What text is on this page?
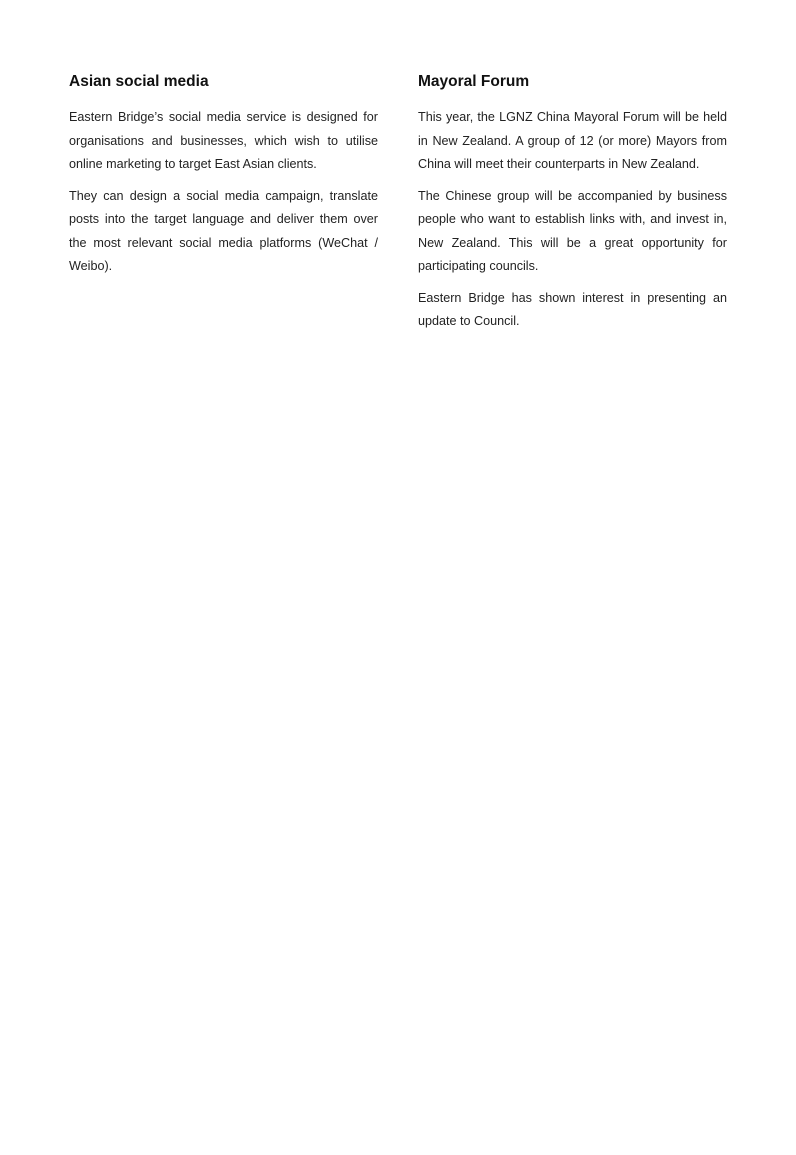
Asian social media

Eastern Bridge’s social media service is designed for organisations and businesses, which wish to utilise online marketing to target East Asian clients.

They can design a social media campaign, translate posts into the target language and deliver them over the most relevant social media platforms (WeChat / Weibo).

Mayoral Forum

This year, the LGNZ China Mayoral Forum will be held in New Zealand. A group of 12 (or more) Mayors from China will meet their counterparts in New Zealand.

The Chinese group will be accompanied by business people who want to establish links with, and invest in, New Zealand. This will be a great opportunity for participating councils.

Eastern Bridge has shown interest in presenting an update to Council.
